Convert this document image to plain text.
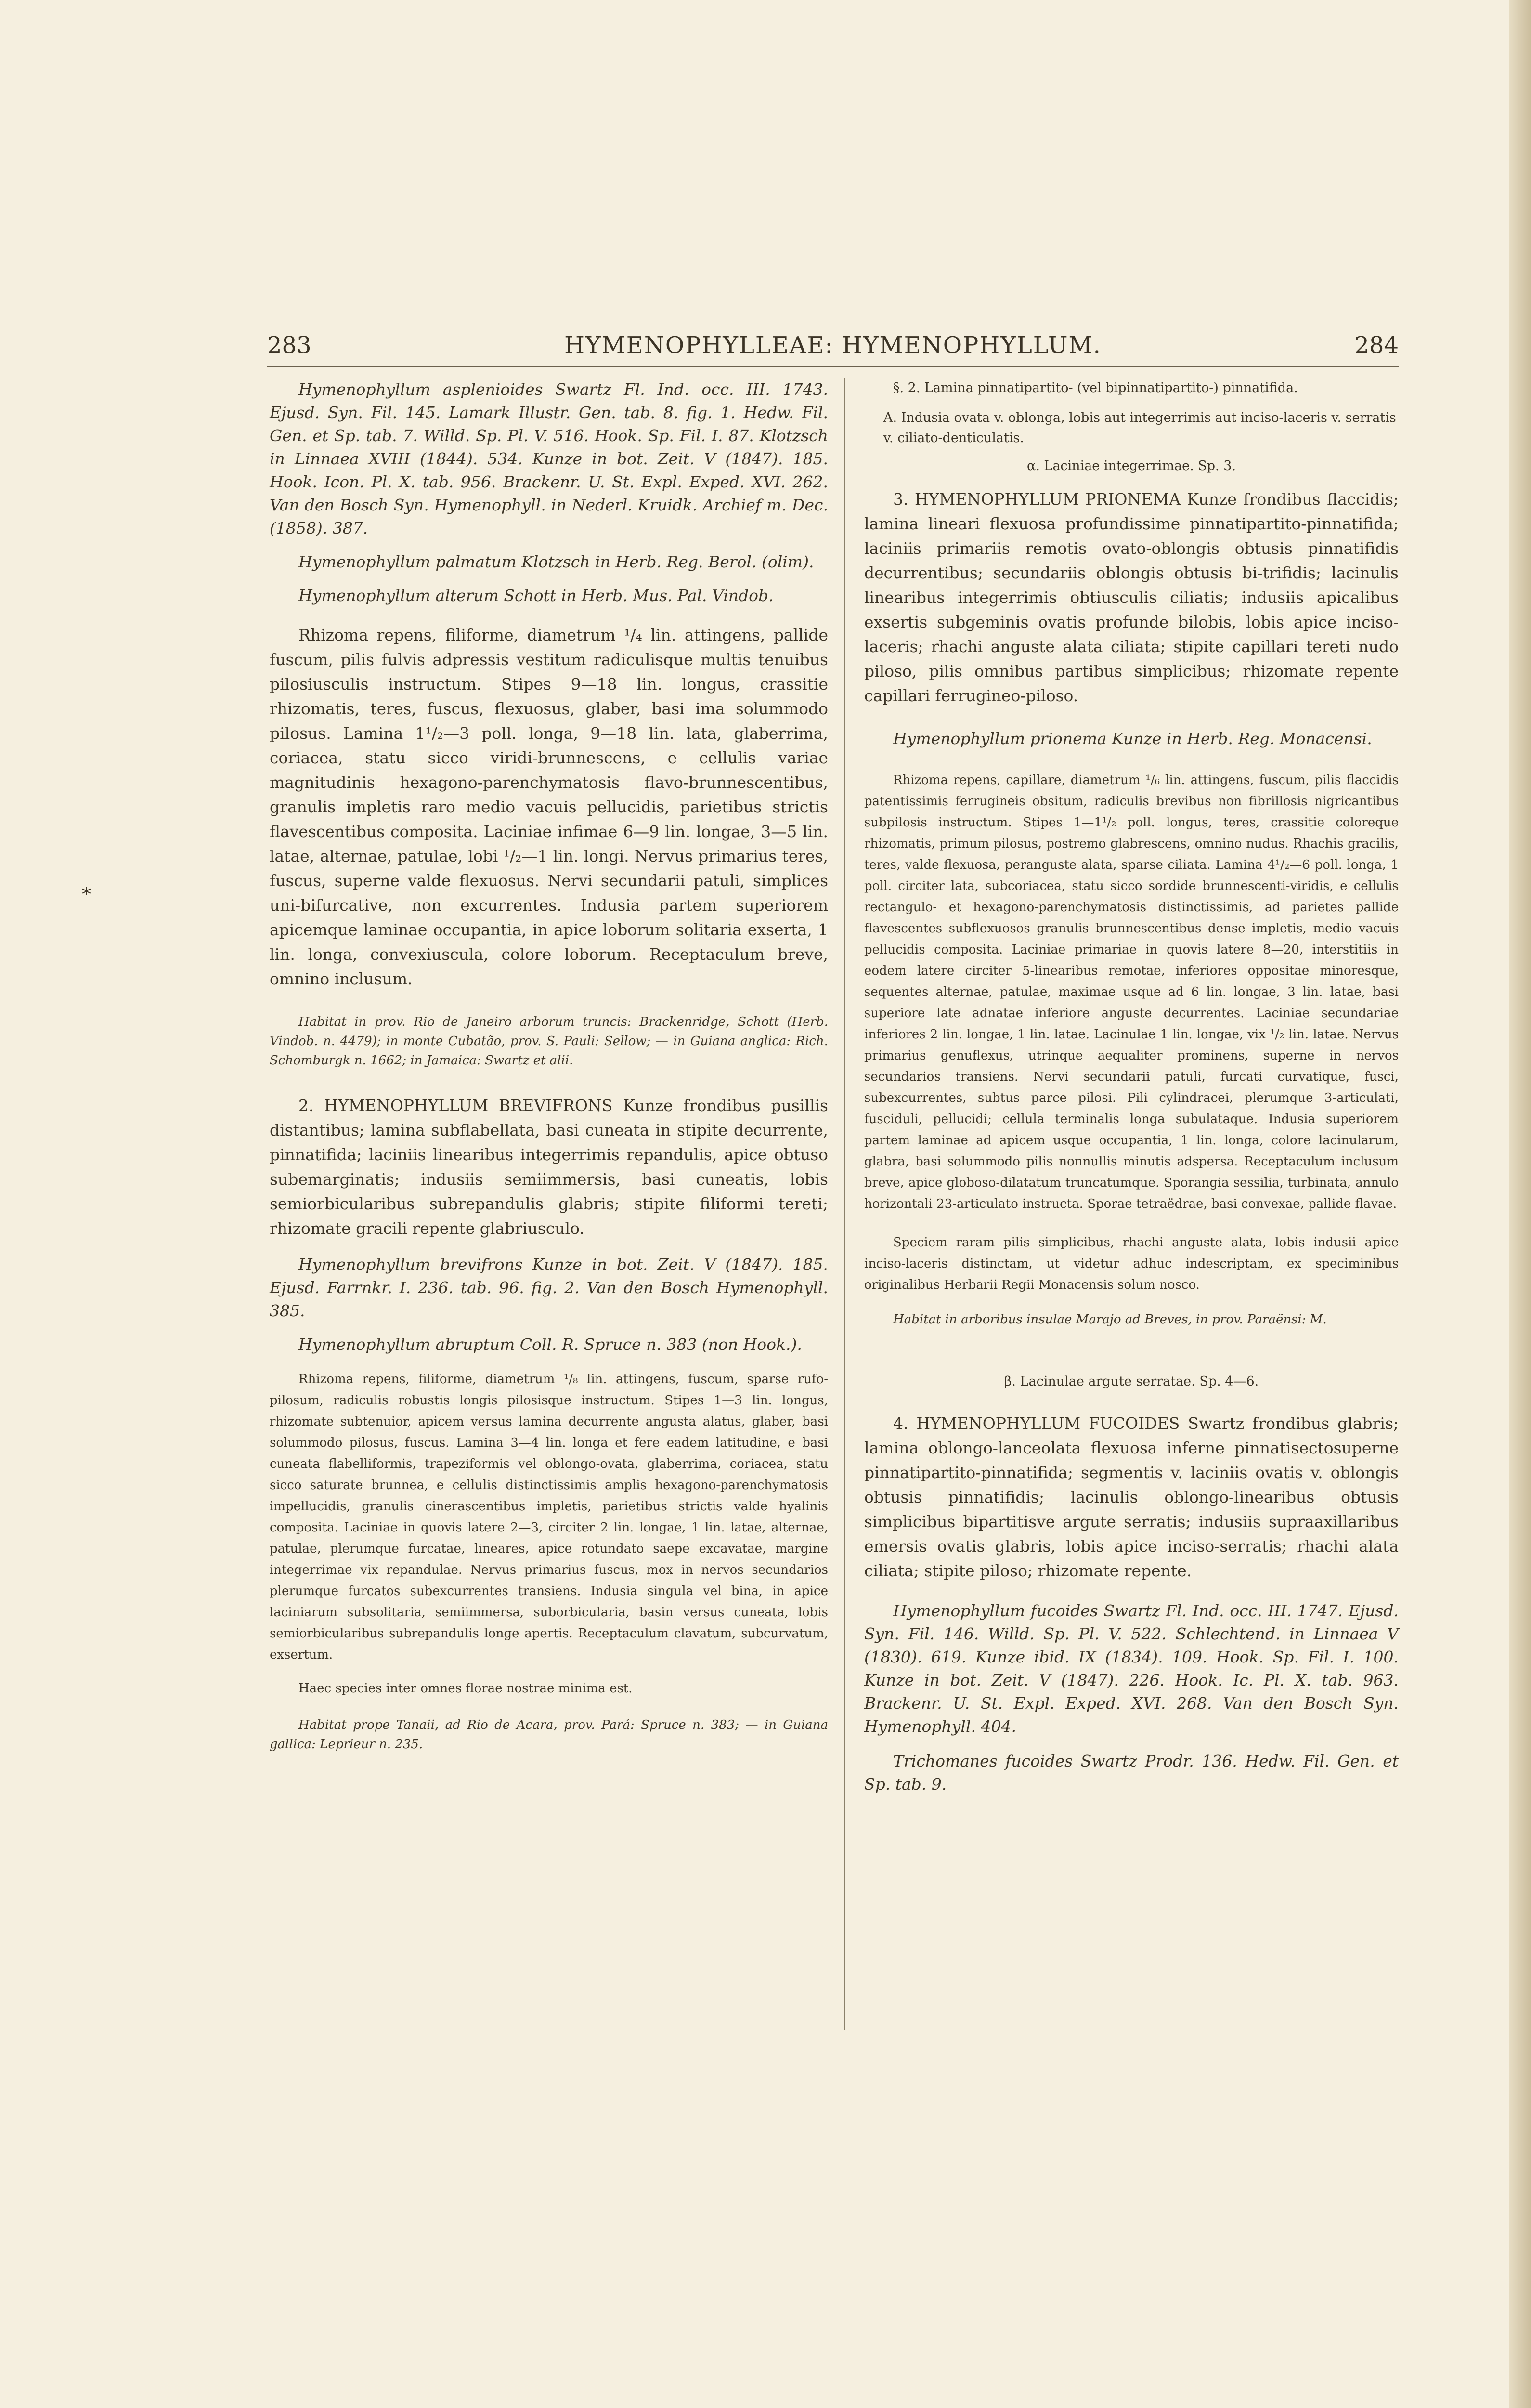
283	HYMENOPHYLLEAE: HYMENOPHYLLUM.	284
*

Hymenophyllum asplenioides Swartz Fl. Ind. occ. III. 1743. Ejusd. Syn. Fil. 145. Lamark Illustr. Gen. tab. 8. fig. 1. Hedw. Fil. Gen. et Sp. tab. 7. Willd. Sp. Pl. V. 516. Hook. Sp. Fil. I. 87. Klotzsch in Linnaea XVIII (1844). 534. Kunze in bot. Zeit. V (1847). 185. Hook. Icon. Pl. X. tab. 956. Brackenr. U. St. Expl. Exped. XVI. 262. Van den Bosch Syn. Hymenophyll. in Nederl. Kruidk. Archief m. Dec. (1858). 387.

Hymenophyllum palmatum Klotzsch in Herb. Reg. Berol. (olim).

Hymenophyllum alterum Schott in Herb. Mus. Pal. Vindob.

Rhizoma repens, filiforme, diametrum ¹/₄ lin. attingens, pallide fuscum, pilis fulvis adpressis vestitum radiculisque multis tenuibus pilosiusculis instructum. Stipes 9—18 lin. longus, crassitie rhizomatis, teres, fuscus, flexuosus, glaber, basi ima solummodo pilosus. Lamina 1¹/₂—3 poll. longa, 9—18 lin. lata, glaberrima, coriacea, statu sicco viridi-brunnescens, e cellulis variae magnitudinis hexagono-parenchymatosis flavo-brunnescentibus, granulis impletis raro medio vacuis pellucidis, parietibus strictis flavescentibus composita. Laciniae infimae 6—9 lin. longae, 3—5 lin. latae, alternae, patulae, lobi ¹/₂—1 lin. longi. Nervus primarius teres, fuscus, superne valde flexuosus. Nervi secundarii patuli, simplices uni-bifurcative, non excurrentes. Indusia partem superiorem apicemque laminae occupantia, in apice loborum solitaria exserta, 1 lin. longa, convexiuscula, colore loborum. Receptaculum breve, omnino inclusum.

Habitat in prov. Rio de Janeiro arborum truncis: Brackenridge, Schott (Herb. Vindob. n. 4479); in monte Cubatão, prov. S. Pauli: Sellow; — in Guiana anglica: Rich. Schomburgk n. 1662; in Jamaica: Swartz et alii.

2. HYMENOPHYLLUM BREVIFRONS Kunze frondibus pusillis distantibus; lamina subflabellata, basi cuneata in stipite decurrente, pinnatifida; laciniis linearibus integerrimis repandulis, apice obtuso subemarginatis; indusiis semiimmersis, basi cuneatis, lobis semiorbicularibus subrepandulis glabris; stipite filiformi tereti; rhizomate gracili repente glabriusculo.

Hymenophyllum brevifrons Kunze in bot. Zeit. V (1847). 185. Ejusd. Farrnkr. I. 236. tab. 96. fig. 2. Van den Bosch Hymenophyll. 385.

Hymenophyllum abruptum Coll. R. Spruce n. 383 (non Hook.).

Rhizoma repens, filiforme, diametrum ¹/₈ lin. attingens, fuscum, sparse rufo-pilosum, radiculis robustis longis pilosisque instructum. Stipes 1—3 lin. longus, rhizomate subtenuior, apicem versus lamina decurrente angusta alatus, glaber, basi solummodo pilosus, fuscus. Lamina 3—4 lin. longa et fere eadem latitudine, e basi cuneata flabelliformis, trapeziformis vel oblongo-ovata, glaberrima, coriacea, statu sicco saturate brunnea, e cellulis distinctissimis amplis hexagono-parenchymatosis impellucidis, granulis cinerascentibus impletis, parietibus strictis valde hyalinis composita. Laciniae in quovis latere 2—3, circiter 2 lin. longae, 1 lin. latae, alternae, patulae, plerumque furcatae, lineares, apice rotundato saepe excavatae, margine integerrimae vix repandulae. Nervus primarius fuscus, mox in nervos secundarios plerumque furcatos subexcurrentes transiens. Indusia singula vel bina, in apice laciniarum subsolitaria, semiimmersa, suborbicularia, basin versus cuneata, lobis semiorbicularibus subrepandulis longe apertis. Receptaculum clavatum, subcurvatum, exsertum.

Haec species inter omnes florae nostrae minima est.

Habitat prope Tanaii, ad Rio de Acara, prov. Pará: Spruce n. 383; — in Guiana gallica: Leprieur n. 235.

§. 2. Lamina pinnatipartito- (vel bipinnatipartito-) pinnatifida.

A. Indusia ovata v. oblonga, lobis aut integerrimis aut inciso-laceris v. serratis v. ciliato-denticulatis.

α. Laciniae integerrimae. Sp. 3.

3. HYMENOPHYLLUM PRIONEMA Kunze frondibus flaccidis; lamina lineari flexuosa profundissime pinnatipartito-pinnatifida; laciniis primariis remotis ovato-oblongis obtusis pinnatifidis decurrentibus; secundariis oblongis obtusis bi-trifidis; lacinulis linearibus integerrimis obtiusculis ciliatis; indusiis apicalibus exsertis subgeminis ovatis profunde bilobis, lobis apice inciso-laceris; rhachi anguste alata ciliata; stipite capillari tereti nudo piloso, pilis omnibus partibus simplicibus; rhizomate repente capillari ferrugineo-piloso.

Hymenophyllum prionema Kunze in Herb. Reg. Monacensi.

Rhizoma repens, capillare, diametrum ¹/₆ lin. attingens, fuscum, pilis flaccidis patentissimis ferrugineis obsitum, radiculis brevibus non fibrillosis nigricantibus subpilosis instructum. Stipes 1—1¹/₂ poll. longus, teres, crassitie coloreque rhizomatis, primum pilosus, postremo glabrescens, omnino nudus. Rhachis gracilis, teres, valde flexuosa, peranguste alata, sparse ciliata. Lamina 4¹/₂—6 poll. longa, 1 poll. circiter lata, subcoriacea, statu sicco sordide brunnescenti-viridis, e cellulis rectangulo- et hexagono-parenchymatosis distinctissimis, ad parietes pallide flavescentes subflexuosos granulis brunnescentibus dense impletis, medio vacuis pellucidis composita. Laciniae primariae in quovis latere 8—20, interstitiis in eodem latere circiter 5-linearibus remotae, inferiores oppositae minoresque, sequentes alternae, patulae, maximae usque ad 6 lin. longae, 3 lin. latae, basi superiore late adnatae inferiore anguste decurrentes. Laciniae secundariae inferiores 2 lin. longae, 1 lin. latae. Lacinulae 1 lin. longae, vix ¹/₂ lin. latae. Nervus primarius genuflexus, utrinque aequaliter prominens, superne in nervos secundarios transiens. Nervi secundarii patuli, furcati curvatique, fusci, subexcurrentes, subtus parce pilosi. Pili cylindracei, plerumque 3-articulati, fusciduli, pellucidi; cellula terminalis longa subulataque. Indusia superiorem partem laminae ad apicem usque occupantia, 1 lin. longa, colore lacinularum, glabra, basi solummodo pilis nonnullis minutis adspersa. Receptaculum inclusum breve, apice globoso-dilatatum truncatumque. Sporangia sessilia, turbinata, annulo horizontali 23-articulato instructa. Sporae tetraëdrae, basi convexae, pallide flavae.

Speciem raram pilis simplicibus, rhachi anguste alata, lobis indusii apice inciso-laceris distinctam, ut videtur adhuc indescriptam, ex speciminibus originalibus Herbarii Regii Monacensis solum nosco.

Habitat in arboribus insulae Marajo ad Breves, in prov. Paraënsi: M.

β. Lacinulae argute serratae. Sp. 4—6.

4. HYMENOPHYLLUM FUCOIDES Swartz frondibus glabris; lamina oblongo-lanceolata flexuosa inferne pinnatisectosuperne pinnatipartito-pinnatifida; segmentis v. laciniis ovatis v. oblongis obtusis pinnatifidis; lacinulis oblongo-linearibus obtusis simplicibus bipartitisve argute serratis; indusiis supraaxillaribus emersis ovatis glabris, lobis apice inciso-serratis; rhachi alata ciliata; stipite piloso; rhizomate repente.

Hymenophyllum fucoides Swartz Fl. Ind. occ. III. 1747. Ejusd. Syn. Fil. 146. Willd. Sp. Pl. V. 522. Schlechtend. in Linnaea V (1830). 619. Kunze ibid. IX (1834). 109. Hook. Sp. Fil. I. 100. Kunze in bot. Zeit. V (1847). 226. Hook. Ic. Pl. X. tab. 963. Brackenr. U. St. Expl. Exped. XVI. 268. Van den Bosch Syn. Hymenophyll. 404.

Trichomanes fucoides Swartz Prodr. 136. Hedw. Fil. Gen. et Sp. tab. 9.
